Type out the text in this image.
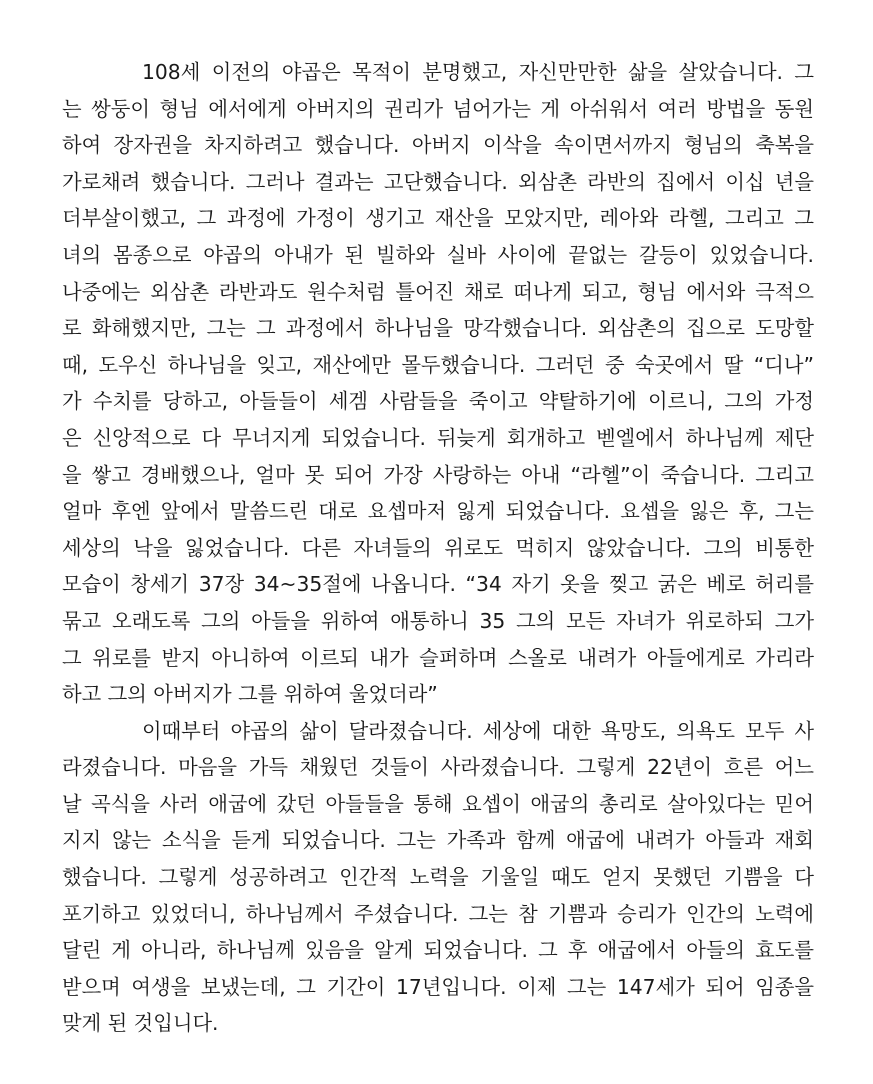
108세 이전의 야곱은 목적이 분명했고, 자신만만한 삶을 살았습니다. 그
는 쌍둥이 형님 에서에게 아버지의 권리가 넘어가는 게 아쉬워서 여러 방법을 동원
하여 장자권을 차지하려고 했습니다. 아버지 이삭을 속이면서까지 형님의 축복을
가로채려 했습니다. 그러나 결과는 고단했습니다. 외삼촌 라반의 집에서 이십 년을
더부살이했고, 그 과정에 가정이 생기고 재산을 모았지만, 레아와 라헬, 그리고 그
녀의 몸종으로 야곱의 아내가 된 빌하와 실바 사이에 끝없는 갈등이 있었습니다.
나중에는 외삼촌 라반과도 원수처럼 틀어진 채로 떠나게 되고, 형님 에서와 극적으
로 화해했지만, 그는 그 과정에서 하나님을 망각했습니다. 외삼촌의 집으로 도망할
때, 도우신 하나님을 잊고, 재산에만 몰두했습니다. 그러던 중 숙곳에서 딸 “디나”
가 수치를 당하고, 아들들이 세겜 사람들을 죽이고 약탈하기에 이르니, 그의 가정
은 신앙적으로 다 무너지게 되었습니다. 뒤늦게 회개하고 벧엘에서 하나님께 제단
을 쌓고 경배했으나, 얼마 못 되어 가장 사랑하는 아내 “라헬”이 죽습니다. 그리고
얼마 후엔 앞에서 말씀드린 대로 요셉마저 잃게 되었습니다. 요셉을 잃은 후, 그는
세상의 낙을 잃었습니다. 다른 자녀들의 위로도 먹히지 않았습니다. 그의 비통한
모습이 창세기 37장 34~35절에 나옵니다. “34 자기 옷을 찢고 굵은 베로 허리를
묶고 오래도록 그의 아들을 위하여 애통하니 35 그의 모든 자녀가 위로하되 그가
그 위로를 받지 아니하여 이르되 내가 슬퍼하며 스올로 내려가 아들에게로 가리라
하고 그의 아버지가 그를 위하여 울었더라”
이때부터 야곱의 삶이 달라졌습니다. 세상에 대한 욕망도, 의욕도 모두 사
라졌습니다. 마음을 가득 채웠던 것들이 사라졌습니다. 그렇게 22년이 흐른 어느
날 곡식을 사러 애굽에 갔던 아들들을 통해 요셉이 애굽의 총리로 살아있다는 믿어
지지 않는 소식을 듣게 되었습니다. 그는 가족과 함께 애굽에 내려가 아들과 재회
했습니다. 그렇게 성공하려고 인간적 노력을 기울일 때도 얻지 못했던 기쁨을 다
포기하고 있었더니, 하나님께서 주셨습니다. 그는 참 기쁨과 승리가 인간의 노력에
달린 게 아니라, 하나님께 있음을 알게 되었습니다. 그 후 애굽에서 아들의 효도를
받으며 여생을 보냈는데, 그 기간이 17년입니다. 이제 그는 147세가 되어 임종을
맞게 된 것입니다.
